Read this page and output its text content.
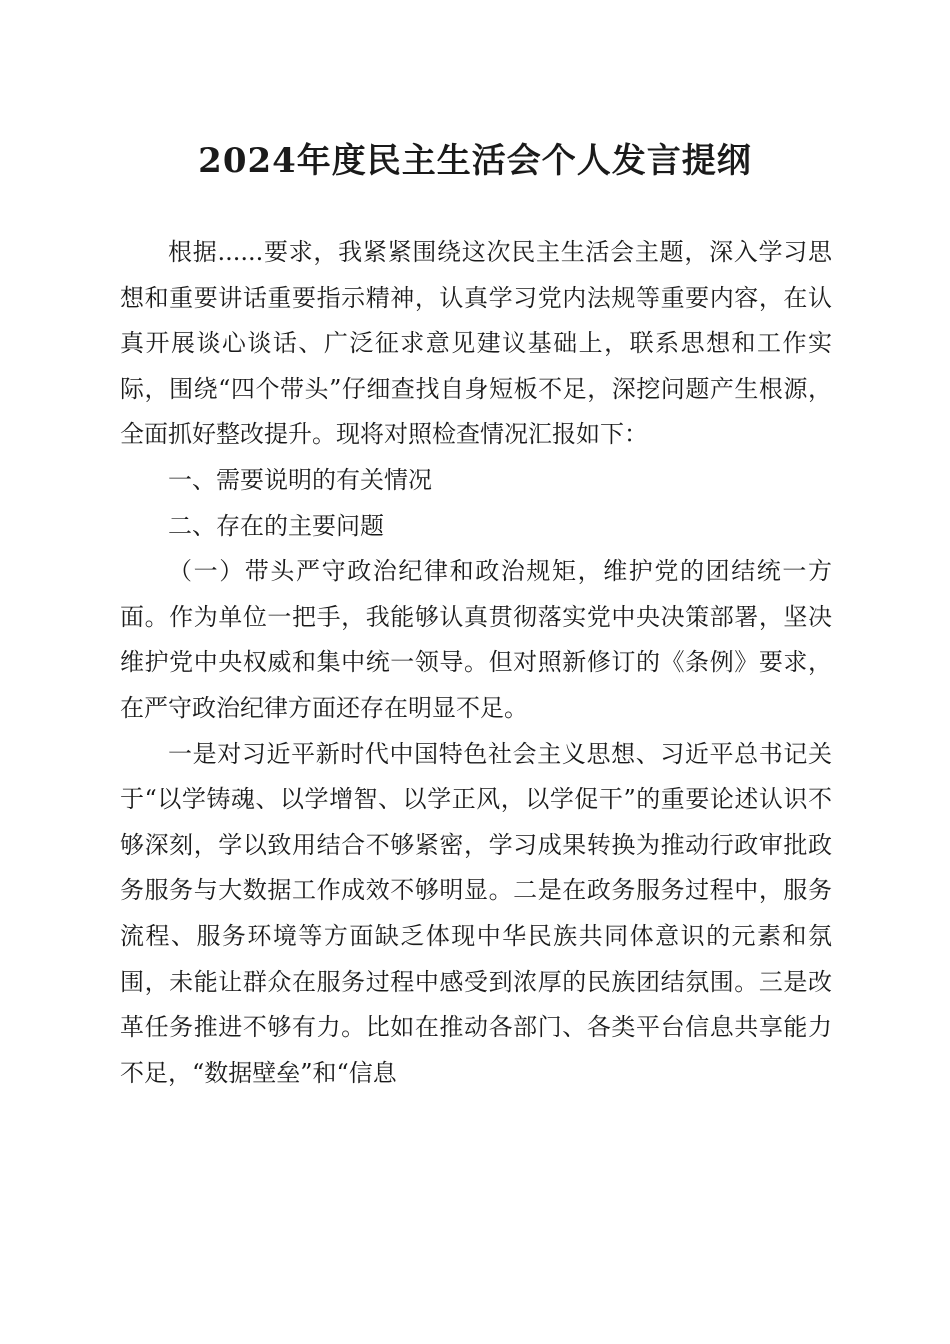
2024年度民主生活会个人发言提纲

根据......要求，我紧紧围绕这次民主生活会主题，深入学习思想和重要讲话重要指示精神，认真学习党内法规等重要内容，在认真开展谈心谈话、广泛征求意见建议基础上，联系思想和工作实际，围绕“四个带头”仔细查找自身短板不足，深挖问题产生根源，全面抓好整改提升。现将对照检查情况汇报如下：

一、需要说明的有关情况

二、存在的主要问题

（一）带头严守政治纪律和政治规矩，维护党的团结统一方面。作为单位一把手，我能够认真贯彻落实党中央决策部署，坚决维护党中央权威和集中统一领导。但对照新修订的《条例》要求，在严守政治纪律方面还存在明显不足。

一是对习近平新时代中国特色社会主义思想、习近平总书记关于“以学铸魂、以学增智、以学正风，以学促干”的重要论述认识不够深刻，学以致用结合不够紧密，学习成果转换为推动行政审批政务服务与大数据工作成效不够明显。二是在政务服务过程中，服务流程、服务环境等方面缺乏体现中华民族共同体意识的元素和氛围，未能让群众在服务过程中感受到浓厚的民族团结氛围。三是改革任务推进不够有力。比如在推动各部门、各类平台信息共享能力不足，“数据壁垒”和“信息
